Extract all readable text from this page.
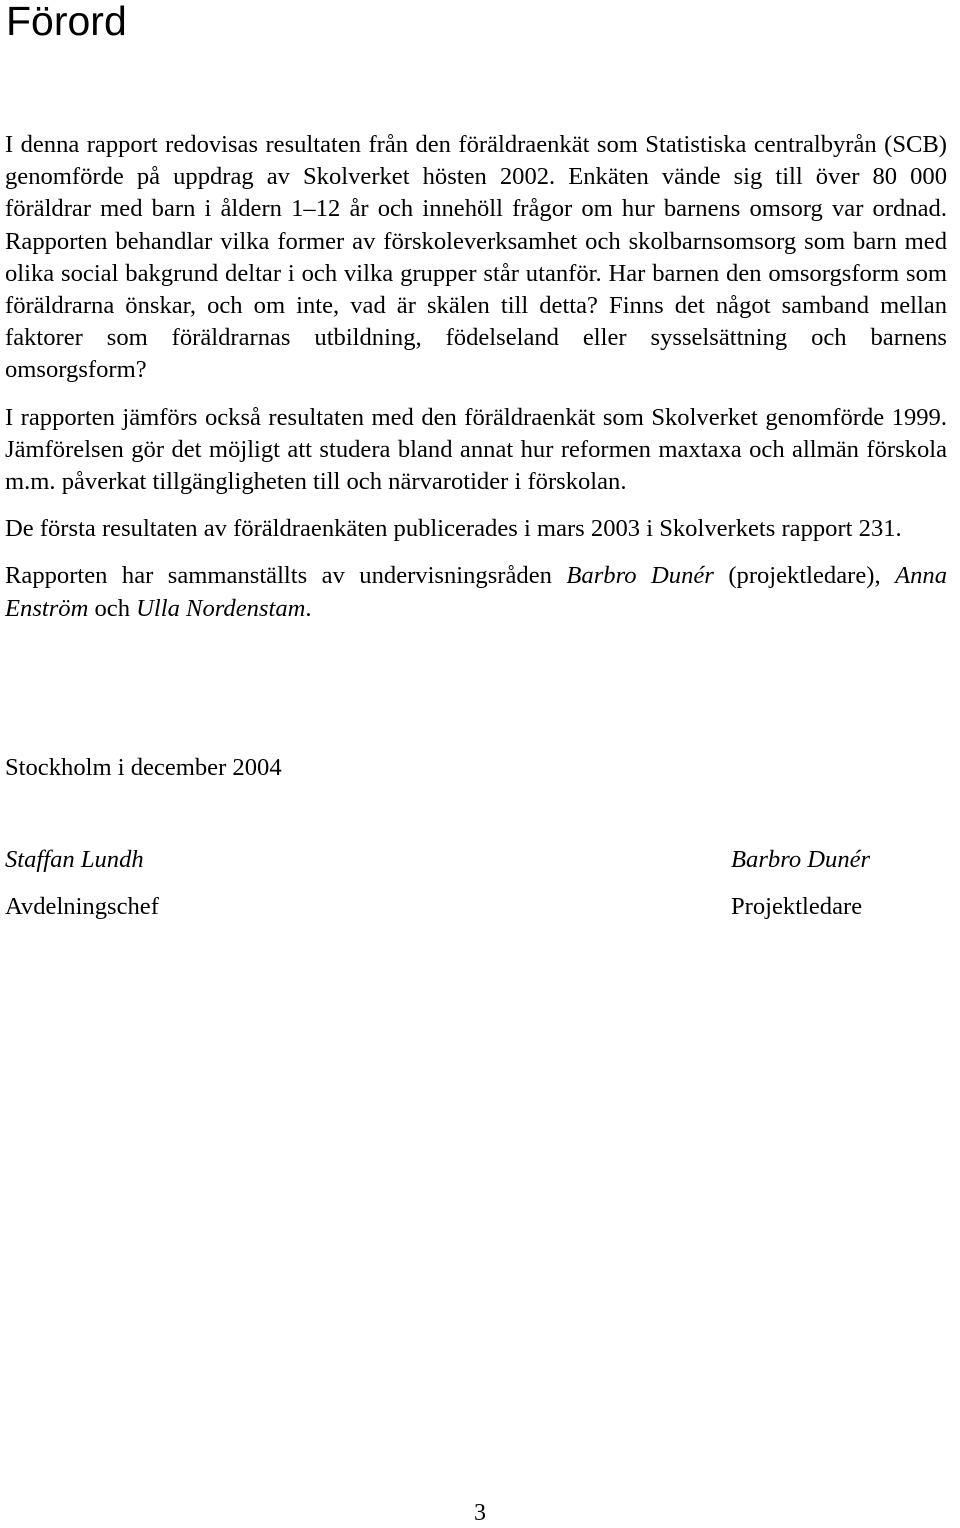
Förord

I denna rapport redovisas resultaten från den föräldraenkät som Statistiska centralbyrån (SCB) genomförde på uppdrag av Skolverket hösten 2002. Enkäten vände sig till över 80 000 föräldrar med barn i åldern 1–12 år och innehöll frågor om hur barnens omsorg var ordnad. Rapporten behandlar vilka former av förskoleverksamhet och skolbarnsomsorg som barn med olika social bakgrund deltar i och vilka grupper står utanför. Har barnen den omsorgsform som föräldrarna önskar, och om inte, vad är skälen till detta? Finns det något samband mellan faktorer som föräldrarnas utbildning, födelseland eller sysselsättning och barnens omsorgsform?

I rapporten jämförs också resultaten med den föräldraenkät som Skolverket genomförde 1999. Jämförelsen gör det möjligt att studera bland annat hur reformen maxtaxa och allmän förskola m.m. påverkat tillgängligheten till och närvarotider i förskolan.

De första resultaten av föräldraenkäten publicerades i mars 2003 i Skolverkets rapport 231.

Rapporten har sammanställts av undervisningsråden Barbro Dunér (projektledare), Anna Enström och Ulla Nordenstam.

Stockholm i december 2004

Staffan Lundh
Avdelningschef
Barbro Dunér
Projektledare
3
